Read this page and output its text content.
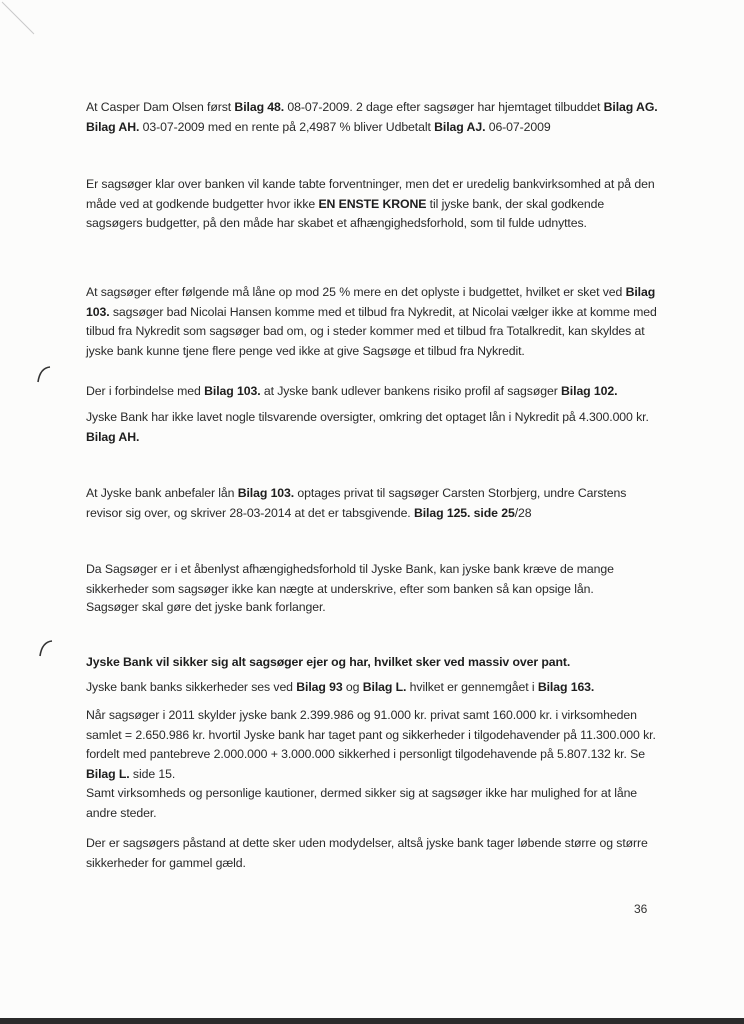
At Casper Dam Olsen først Bilag 48. 08-07-2009. 2 dage efter sagsøger har hjemtaget tilbuddet Bilag AG. Bilag AH. 03-07-2009 med en rente på 2,4987 % bliver Udbetalt Bilag AJ. 06-07-2009

Er sagsøger klar over banken vil kande tabte forventninger, men det er uredelig bankvirksomhed at på den måde ved at godkende budgetter hvor ikke EN ENSTE KRONE til jyske bank, der skal godkende sagsøgers budgetter, på den måde har skabet et afhængighedsforhold, som til fulde udnyttes.

At sagsøger efter følgende må låne op mod 25 % mere en det oplyste i budgettet, hvilket er sket ved Bilag 103. sagsøger bad Nicolai Hansen komme med et tilbud fra Nykredit, at Nicolai vælger ikke at komme med tilbud fra Nykredit som sagsøger bad om, og i steder kommer med et tilbud fra Totalkredit, kan skyldes at jyske bank kunne tjene flere penge ved ikke at give Sagsøge et tilbud fra Nykredit.

Der i forbindelse med Bilag 103. at Jyske bank udlever bankens risiko profil af sagsøger Bilag 102.

Jyske Bank har ikke lavet nogle tilsvarende oversigter, omkring det optaget lån i Nykredit på 4.300.000 kr. Bilag AH.

At Jyske bank anbefaler lån Bilag 103. optages privat til sagsøger Carsten Storbjerg, undre Carstens revisor sig over, og skriver 28-03-2014 at det er tabsgivende. Bilag 125. side 25/28

Da Sagsøger er i et åbenlyst afhængighedsforhold til Jyske Bank, kan jyske bank kræve de mange sikkerheder som sagsøger ikke kan nægte at underskrive, efter som banken så kan opsige lån.

Sagsøger skal gøre det jyske bank forlanger.

Jyske Bank vil sikker sig alt sagsøger ejer og har, hvilket sker ved massiv over pant.

Jyske bank banks sikkerheder ses ved Bilag 93 og Bilag L. hvilket er gennemgået i Bilag 163.

Når sagsøger i 2011 skylder jyske bank 2.399.986 og 91.000 kr. privat samt 160.000 kr. i virksomheden samlet = 2.650.986 kr. hvortil Jyske bank har taget pant og sikkerheder i tilgodehavender på 11.300.000 kr. fordelt med pantebreve 2.000.000 + 3.000.000 sikkerhed i personligt tilgodehavende på 5.807.132 kr. Se Bilag L. side 15.

Samt virksomheds og personlige kautioner, dermed sikker sig at sagsøger ikke har mulighed for at låne andre steder.

Der er sagsøgers påstand at dette sker uden modydelser, altså jyske bank tager løbende større og større sikkerheder for gammel gæld.

36
